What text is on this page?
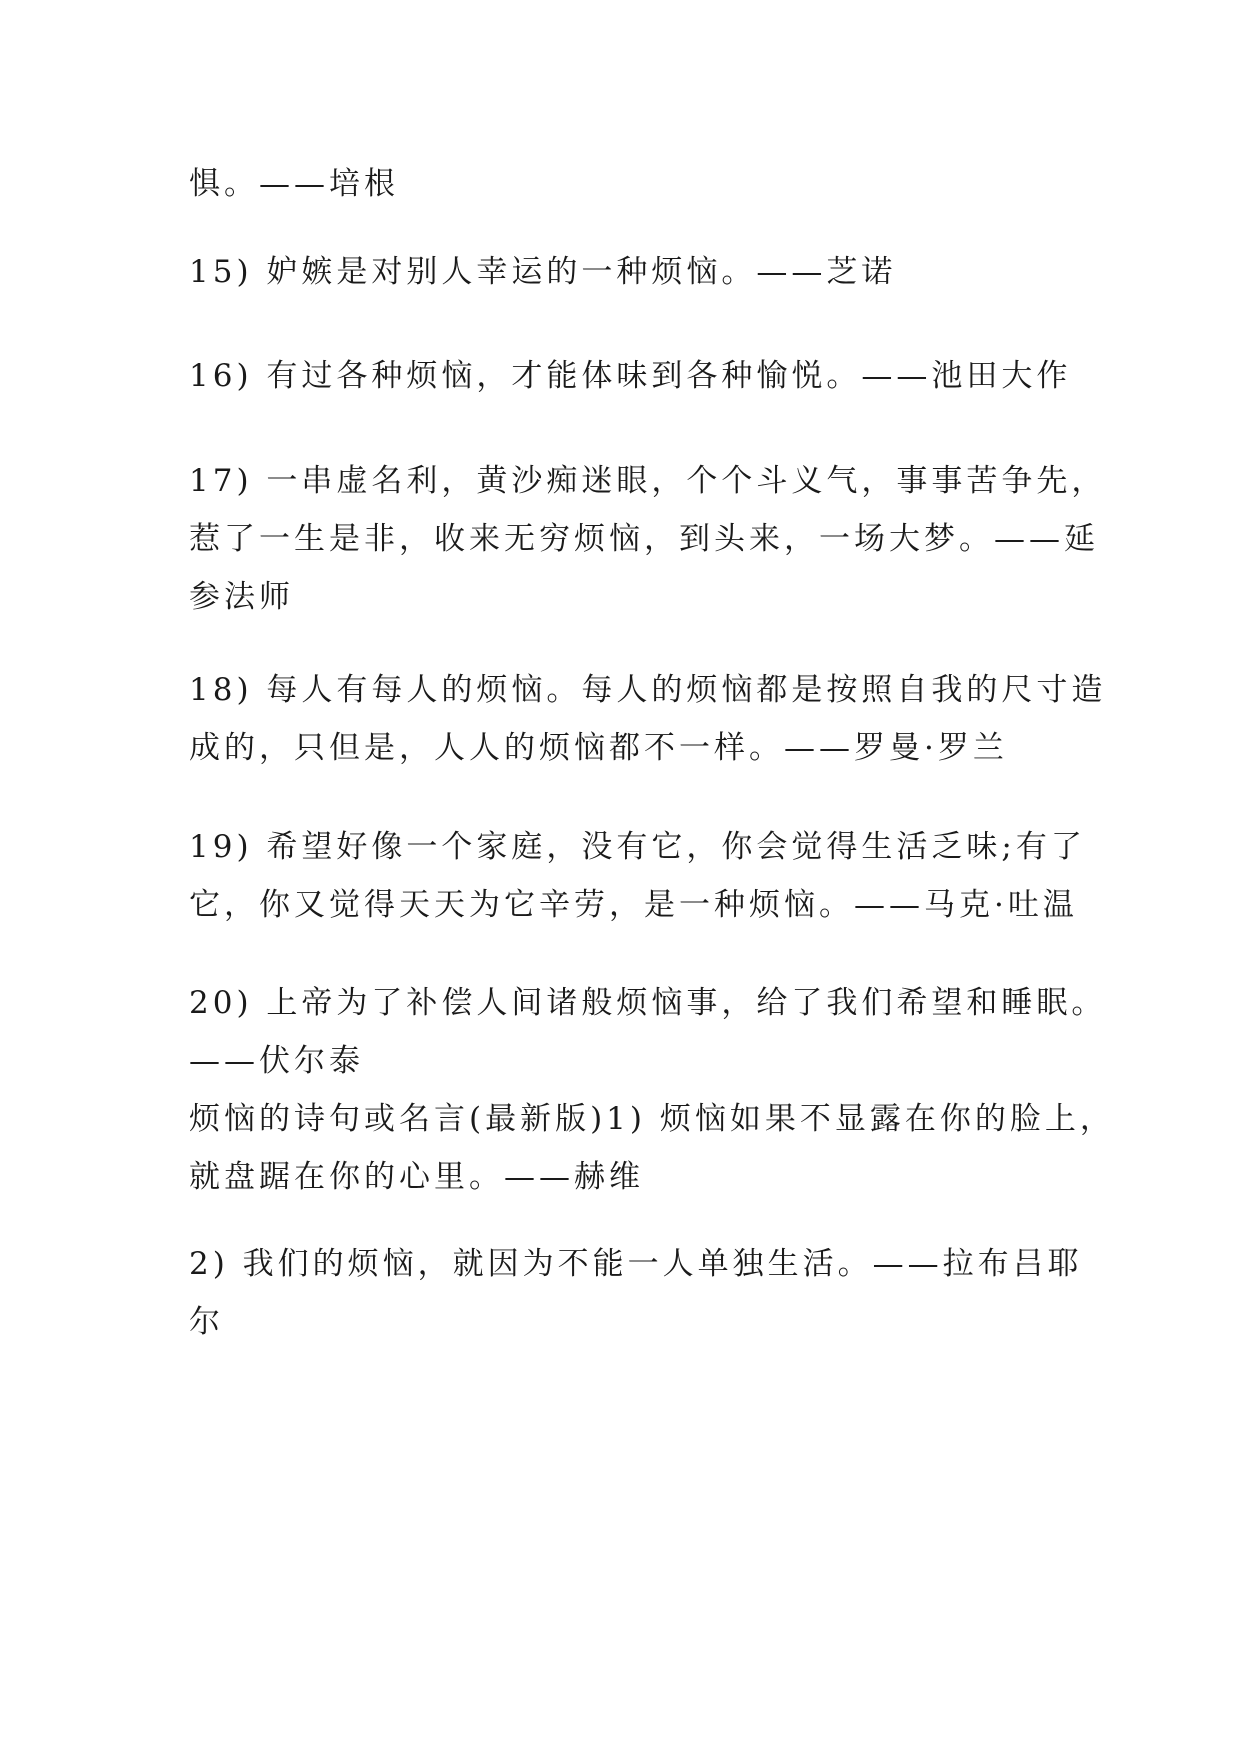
惧。——培根
15) 妒嫉是对别人幸运的一种烦恼。——芝诺
16) 有过各种烦恼，才能体味到各种愉悦。——池田大作
17) 一串虚名利，黄沙痴迷眼，个个斗义气，事事苦争先，
惹了一生是非，收来无穷烦恼，到头来，一场大梦。——延
参法师
18) 每人有每人的烦恼。每人的烦恼都是按照自我的尺寸造
成的，只但是，人人的烦恼都不一样。——罗曼·罗兰
19) 希望好像一个家庭，没有它，你会觉得生活乏味;有了
它，你又觉得天天为它辛劳，是一种烦恼。——马克·吐温
20) 上帝为了补偿人间诸般烦恼事，给了我们希望和睡眠。
——伏尔泰
烦恼的诗句或名言(最新版)1) 烦恼如果不显露在你的脸上，
就盘踞在你的心里。——赫维
2) 我们的烦恼，就因为不能一人单独生活。——拉布吕耶
尔
